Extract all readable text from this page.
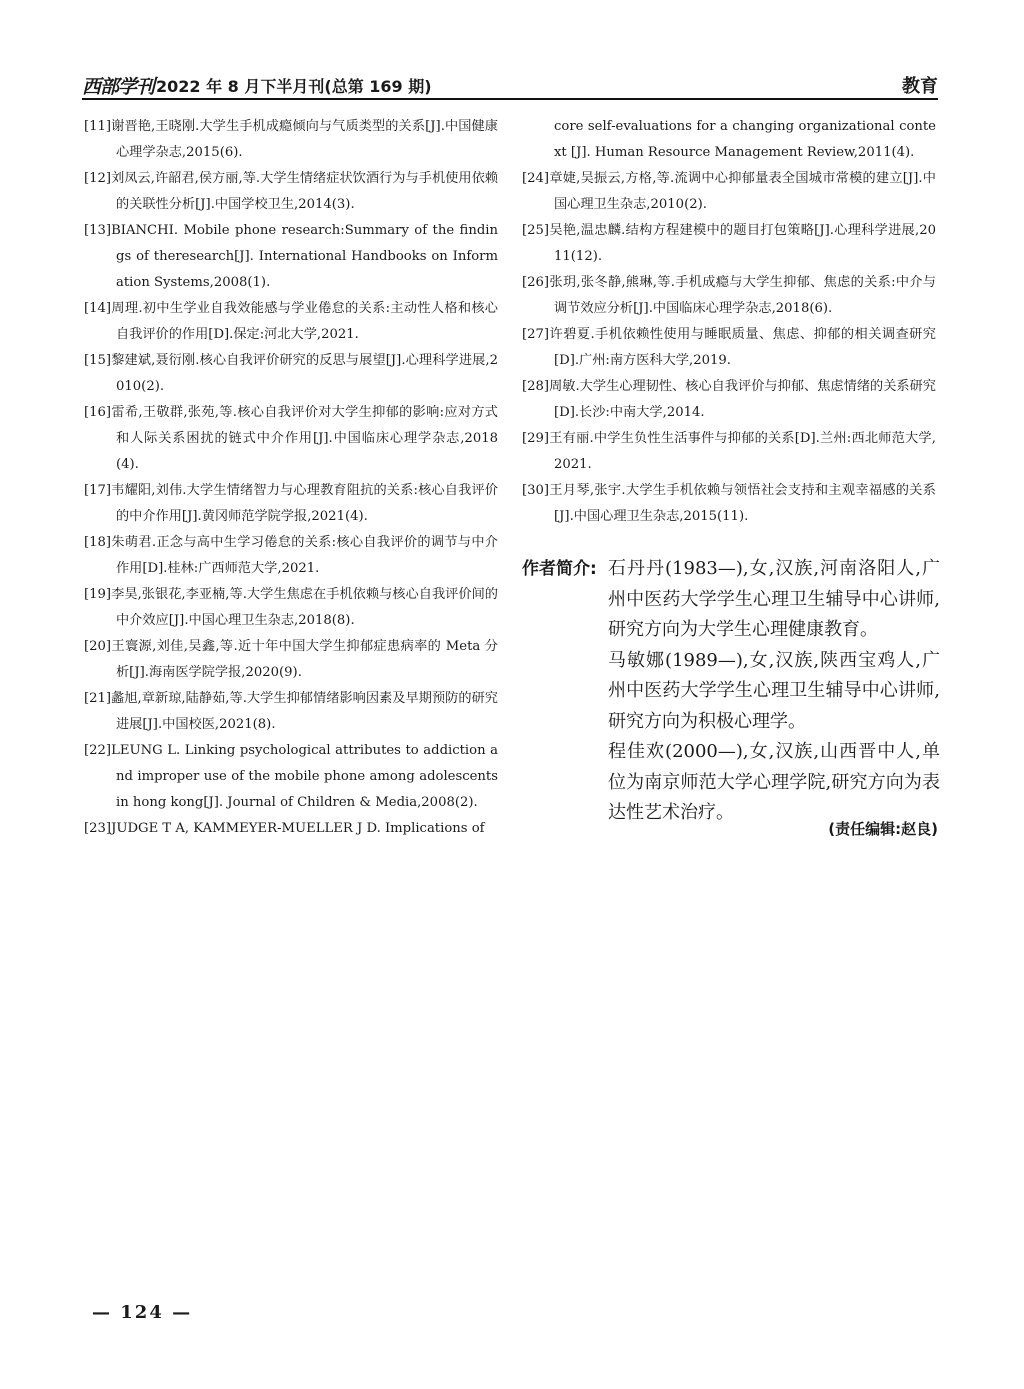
西部学刊 2022 年 8 月下半月刊(总第 169 期)	教育
[11]谢晋艳,王晓刚.大学生手机成瘾倾向与气质类型的关系[J].中国健康心理学杂志,2015(6).
[12]刘凤云,许韶君,侯方丽,等.大学生情绪症状饮酒行为与手机使用依赖的关联性分析[J].中国学校卫生,2014(3).
[13]BIANCHI. Mobile phone research:Summary of the findings of theresearch[J]. International Handbooks on Information Systems,2008(1).
[14]周理.初中生学业自我效能感与学业倦怠的关系:主动性人格和核心自我评价的作用[D].保定:河北大学,2021.
[15]黎建斌,聂衍刚.核心自我评价研究的反思与展望[J].心理科学进展,2010(2).
[16]雷希,王敬群,张苑,等.核心自我评价对大学生抑郁的影响:应对方式和人际关系困扰的链式中介作用[J].中国临床心理学杂志,2018(4).
[17]韦耀阳,刘伟.大学生情绪智力与心理教育阻抗的关系:核心自我评价的中介作用[J].黄冈师范学院学报,2021(4).
[18]朱萌君.正念与高中生学习倦怠的关系:核心自我评价的调节与中介作用[D].桂林:广西师范大学,2021.
[19]李昊,张银花,李亚楠,等.大学生焦虑在手机依赖与核心自我评价间的中介效应[J].中国心理卫生杂志,2018(8).
[20]王寰源,刘佳,吴鑫,等.近十年中国大学生抑郁症患病率的 Meta 分析[J].海南医学院学报,2020(9).
[21]蠡旭,章新琼,陆静茹,等.大学生抑郁情绪影响因素及早期预防的研究进展[J].中国校医,2021(8).
[22]LEUNG L. Linking psychological attributes to addiction and improper use of the mobile phone among adolescents in hong kong[J]. Journal of Children & Media,2008(2).
[23]JUDGE T A, KAMMEYER-MUELLER J D. Implications of
core self-evaluations for a changing organizational context [J]. Human Resource Management Review,2011(4).
[24]章婕,吴振云,方格,等.流调中心抑郁量表全国城市常模的建立[J].中国心理卫生杂志,2010(2).
[25]吴艳,温忠麟.结构方程建模中的题目打包策略[J].心理科学进展,2011(12).
[26]张玥,张冬静,熊琳,等.手机成瘾与大学生抑郁、焦虑的关系:中介与调节效应分析[J].中国临床心理学杂志,2018(6).
[27]许碧夏.手机依赖性使用与睡眠质量、焦虑、抑郁的相关调查研究[D].广州:南方医科大学,2019.
[28]周敏.大学生心理韧性、核心自我评价与抑郁、焦虑情绪的关系研究[D].长沙:中南大学,2014.
[29]王有丽.中学生负性生活事件与抑郁的关系[D].兰州:西北师范大学,2021.
[30]王月琴,张宇.大学生手机依赖与领悟社会支持和主观幸福感的关系[J].中国心理卫生杂志,2015(11).
作者简介: 石丹丹(1983—),女,汉族,河南洛阳人,广州中医药大学学生心理卫生辅导中心讲师,研究方向为大学生心理健康教育。

马敏娜(1989—),女,汉族,陕西宝鸡人,广州中医药大学学生心理卫生辅导中心讲师,研究方向为积极心理学。

程佳欢(2000—),女,汉族,山西晋中人,单位为南京师范大学心理学院,研究方向为表达性艺术治疗。

(责任编辑:赵良)
— 124 —
